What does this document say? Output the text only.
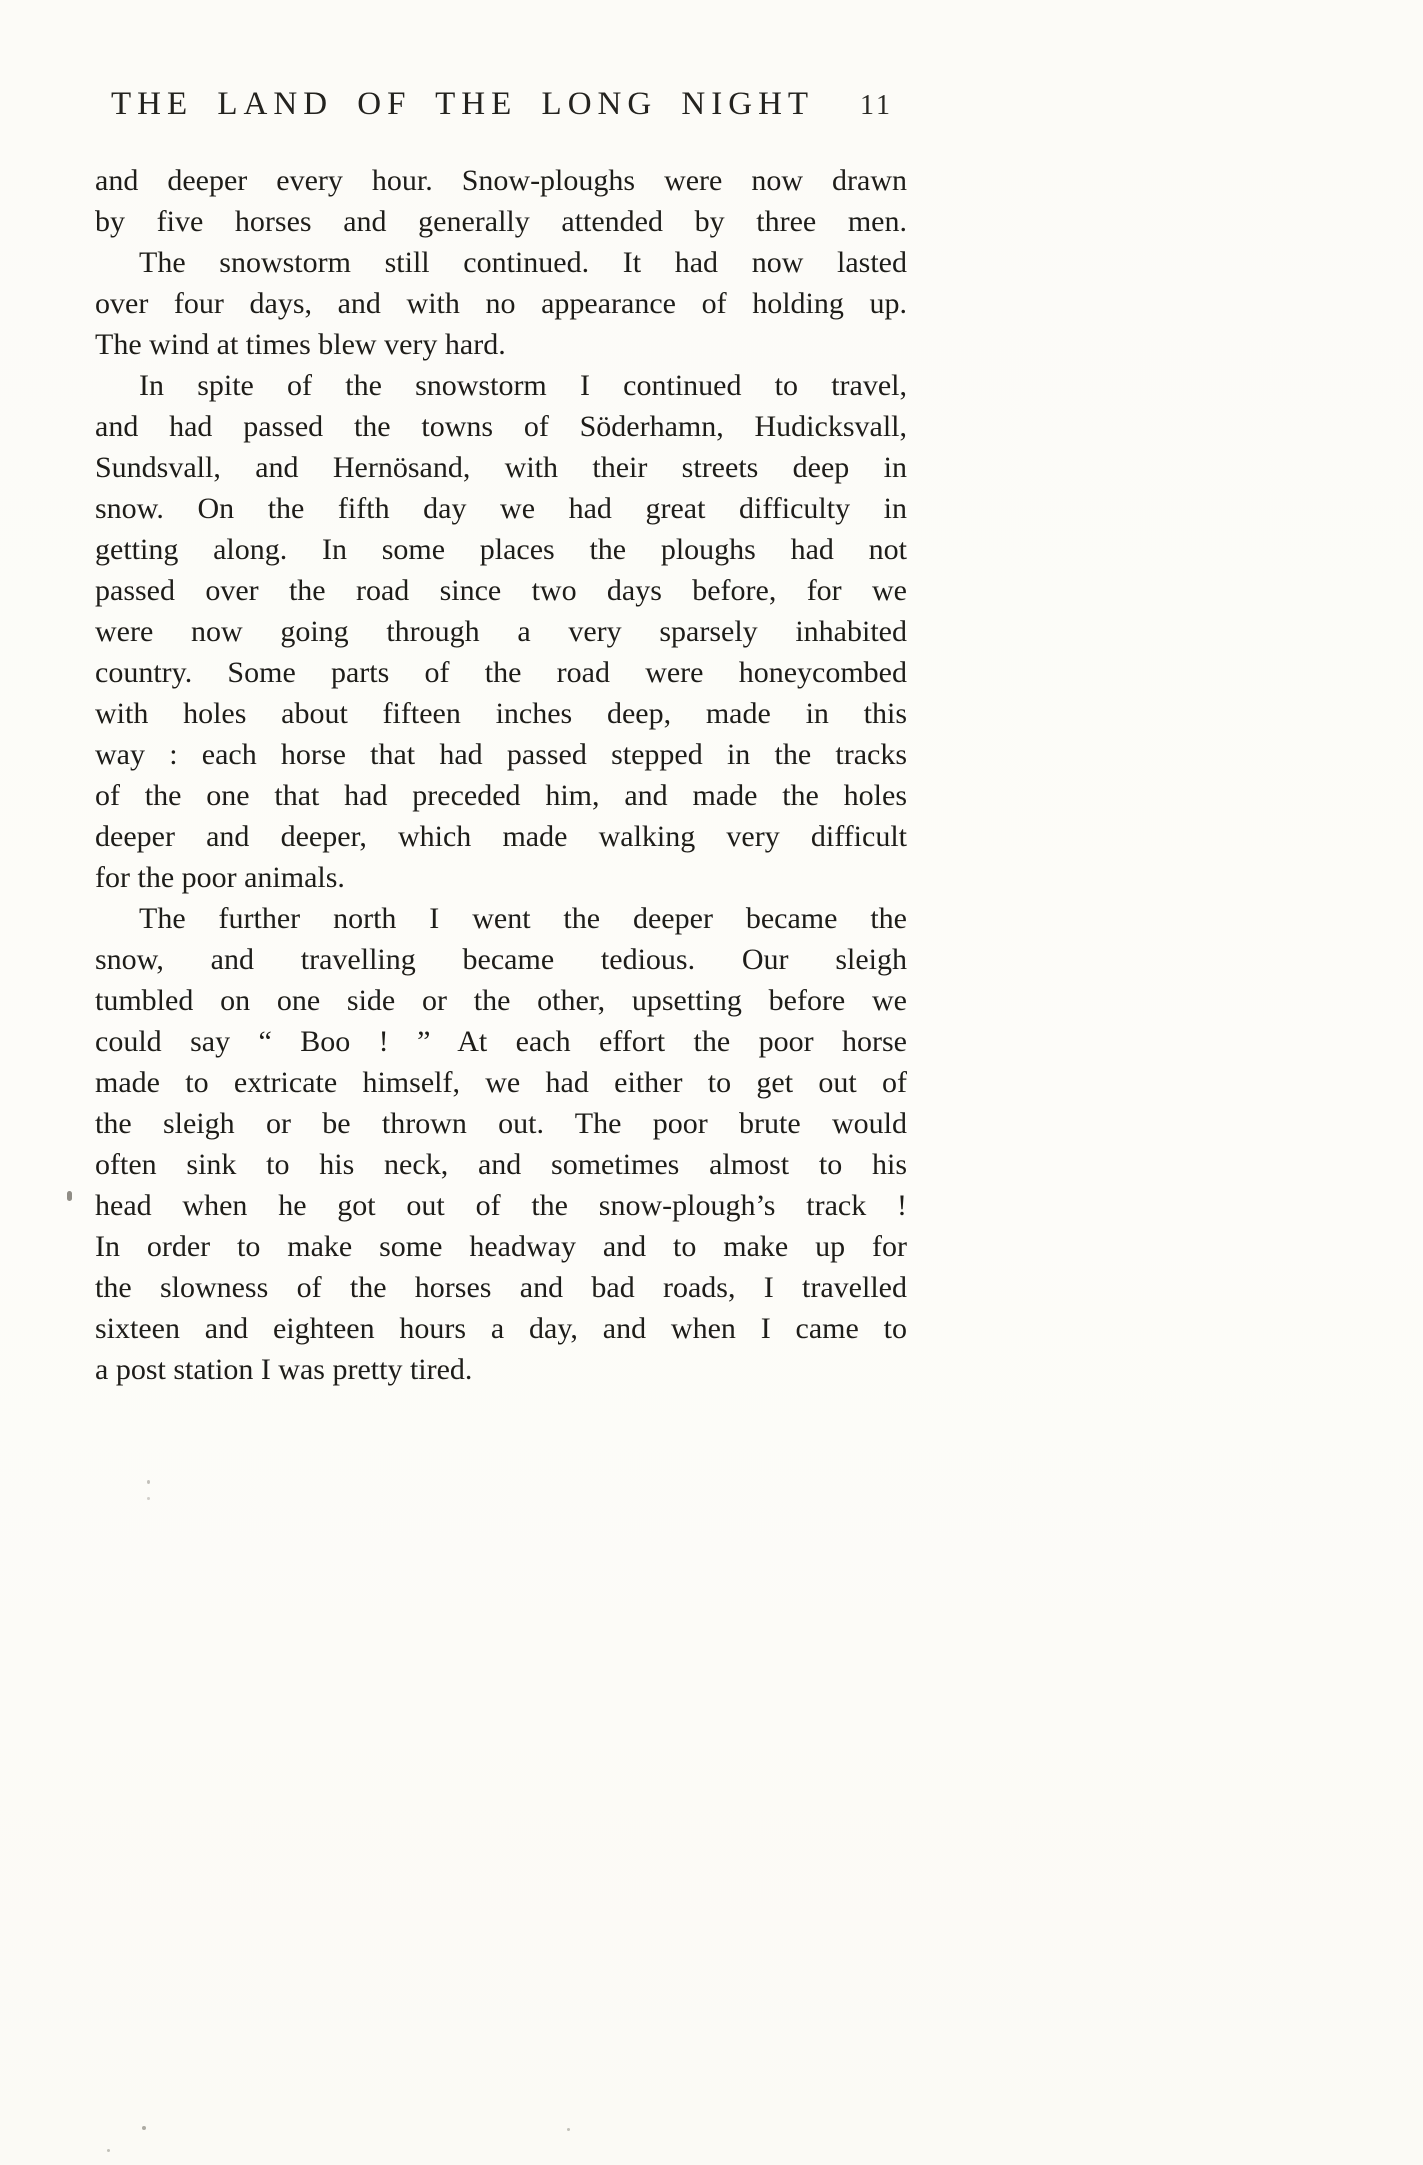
THE LAND OF THE LONG NIGHT 11
and deeper every hour. Snow-ploughs were now drawn
by five horses and generally attended by three men.
The snowstorm still continued. It had now lasted
over four days, and with no appearance of holding up.
The wind at times blew very hard.
In spite of the snowstorm I continued to travel,
and had passed the towns of Söderhamn, Hudicksvall,
Sundsvall, and Hernösand, with their streets deep in
snow. On the fifth day we had great difficulty in
getting along. In some places the ploughs had not
passed over the road since two days before, for we
were now going through a very sparsely inhabited
country. Some parts of the road were honeycombed
with holes about fifteen inches deep, made in this
way : each horse that had passed stepped in the tracks
of the one that had preceded him, and made the holes
deeper and deeper, which made walking very difficult
for the poor animals.
The further north I went the deeper became the
snow, and travelling became tedious. Our sleigh
tumbled on one side or the other, upsetting before we
could say “ Boo ! ” At each effort the poor horse
made to extricate himself, we had either to get out of
the sleigh or be thrown out. The poor brute would
often sink to his neck, and sometimes almost to his
head when he got out of the snow-plough’s track !
In order to make some headway and to make up for
the slowness of the horses and bad roads, I travelled
sixteen and eighteen hours a day, and when I came to
a post station I was pretty tired.
